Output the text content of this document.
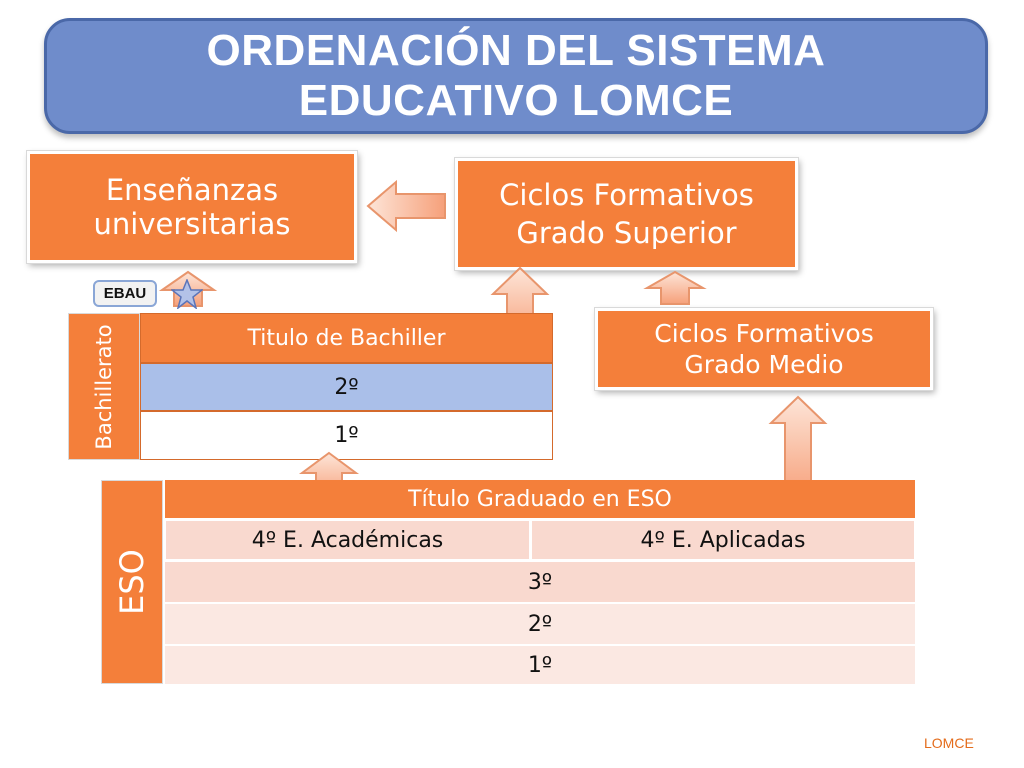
ORDENACIÓN DEL SISTEMA
EDUCATIVO LOMCE
Enseñanzas
universitarias
Ciclos Formativos
Grado Superior
EBAU
Ciclos Formativos
Grado Medio
Bachillerato	Titulo de Bachiller
2º
1º
ESO
Título Graduado en ESO
4º E. Académicas	4º E. Aplicadas
3º
2º
1º
LOMCE
